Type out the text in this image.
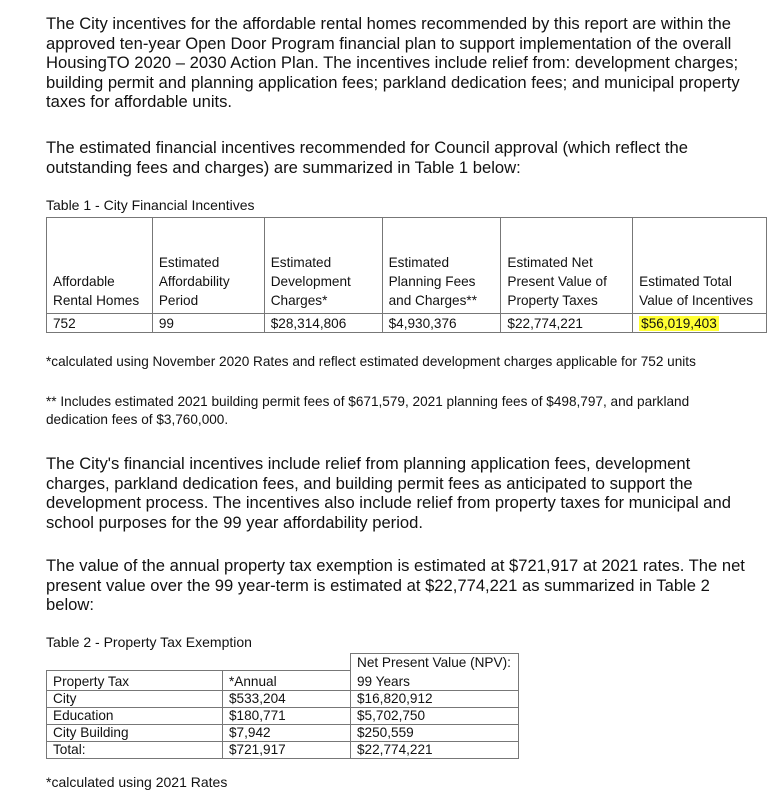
The City incentives for the affordable rental homes recommended by this report are within the approved ten-year Open Door Program financial plan to support implementation of the overall HousingTO 2020 – 2030 Action Plan. The incentives include relief from: development charges; building permit and planning application fees; parkland dedication fees; and municipal property taxes for affordable units.

The estimated financial incentives recommended for Council approval (which reflect the outstanding fees and charges) are summarized in Table 1 below:

Table 1 - City Financial Incentives

Affordable Rental Homes	Estimated Affordability Period	Estimated Development Charges*	Estimated Planning Fees and Charges**	Estimated Net Present Value of Property Taxes	Estimated Total Value of Incentives
752	99	$28,314,806	$4,930,376	$22,774,221	$56,019,403

*calculated using November 2020 Rates and reflect estimated development charges applicable for 752 units

** Includes estimated 2021 building permit fees of $671,579, 2021 planning fees of $498,797, and parkland dedication fees of $3,760,000.

The City's financial incentives include relief from planning application fees, development charges, parkland dedication fees, and building permit fees as anticipated to support the development process. The incentives also include relief from property taxes for municipal and school purposes for the 99 year affordability period.

The value of the annual property tax exemption is estimated at $721,917 at 2021 rates. The net present value over the 99 year-term is estimated at $22,774,221 as summarized in Table 2 below:

Table 2 - Property Tax Exemption

		Net Present Value (NPV):
Property Tax	*Annual	99 Years
City	$533,204	$16,820,912
Education	$180,771	$5,702,750
City Building	$7,942	$250,559
Total:	$721,917	$22,774,221

*calculated using 2021 Rates
